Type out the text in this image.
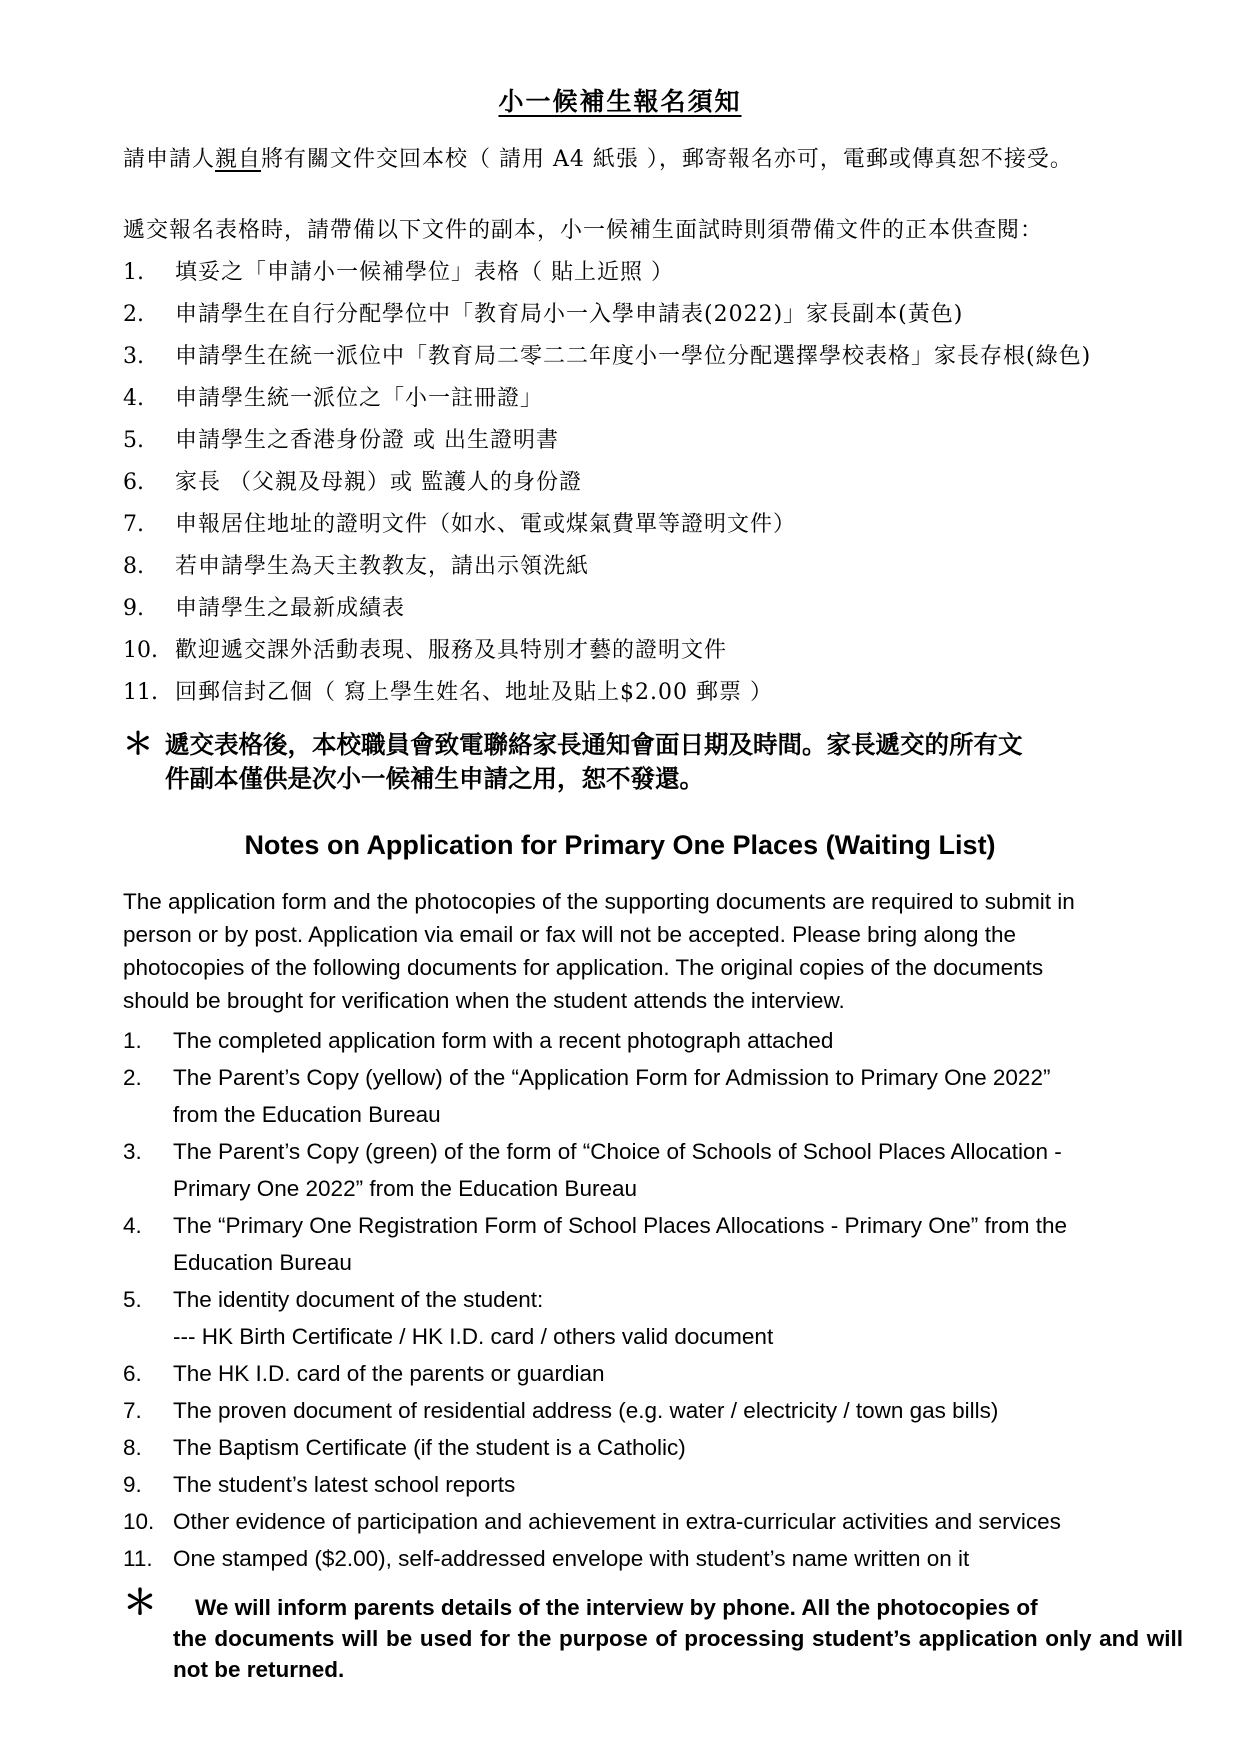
小一候補生報名須知
請申請人親自將有關文件交回本校（ 請用 A4 紙張 ），郵寄報名亦可，電郵或傳真恕不接受。
遞交報名表格時，請帶備以下文件的副本，小一候補生面試時則須帶備文件的正本供查閱：
1.	填妥之「申請小一候補學位」表格（ 貼上近照 ）
2.	申請學生在自行分配學位中「教育局小一入學申請表(2022)」家長副本(黃色)
3.	申請學生在統一派位中「教育局二零二二年度小一學位分配選擇學校表格」家長存根(綠色)
4.	申請學生統一派位之「小一註冊證」
5.	申請學生之香港身份證 或 出生證明書
6.	家長 （父親及母親）或 監護人的身份證
7.	申報居住地址的證明文件（如水、電或煤氣費單等證明文件）
8.	若申請學生為天主教教友，請出示領洗紙
9.	申請學生之最新成績表
10. 歡迎遞交課外活動表現、服務及具特別才藝的證明文件
11. 回郵信封乙個（ 寫上學生姓名、地址及貼上$2.00 郵票 ）
＊ 遞交表格後，本校職員會致電聯絡家長通知會面日期及時間。家長遞交的所有文
件副本僅供是次小一候補生申請之用，恕不發還。
Notes on Application for Primary One Places (Waiting List)
The application form and the photocopies of the supporting documents are required to submit in
person or by post. Application via email or fax will not be accepted. Please bring along the
photocopies of the following documents for application. The original copies of the documents
should be brought for verification when the student attends the interview.
1.	The completed application form with a recent photograph attached
2.	The Parent’s Copy (yellow) of the “Application Form for Admission to Primary One 2022”
from the Education Bureau
3.	The Parent’s Copy (green) of the form of “Choice of Schools of School Places Allocation -
Primary One 2022” from the Education Bureau
4.	The “Primary One Registration Form of School Places Allocations - Primary One” from the
Education Bureau
5.	The identity document of the student:
--- HK Birth Certificate / HK I.D. card / others valid document
6.	The HK I.D. card of the parents or guardian
7.	The proven document of residential address (e.g. water / electricity / town gas bills)
8.	The Baptism Certificate (if the student is a Catholic)
9.	The student’s latest school reports
10. Other evidence of participation and achievement in extra-curricular activities and services
11. One stamped ($2.00), self-addressed envelope with student’s name written on it
＊	We will inform parents details of the interview by phone. All the photocopies of
the documents will be used for the purpose of processing student’s application only and will not be returned.
